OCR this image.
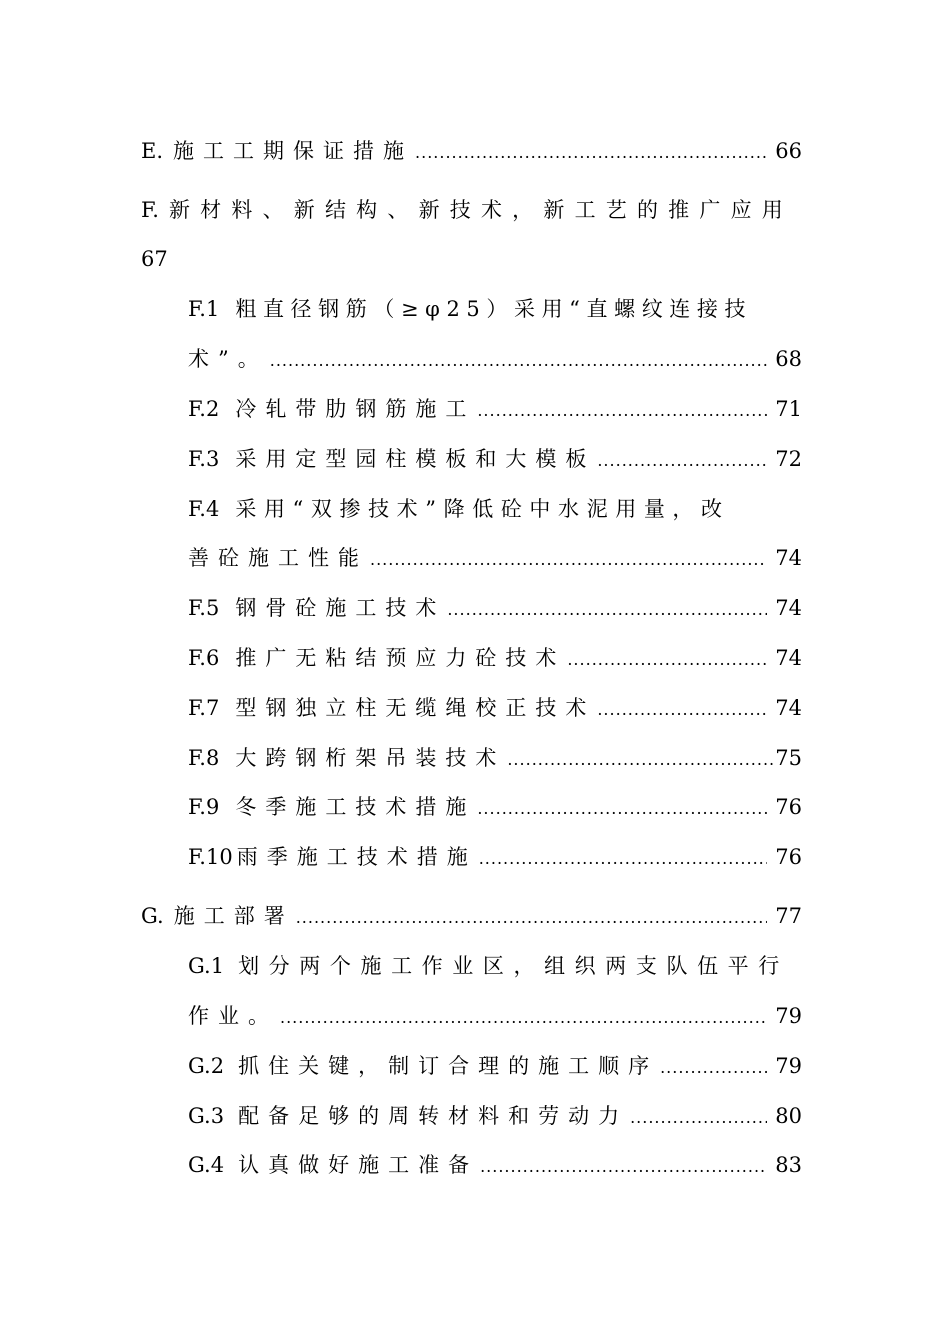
E. 施工工期保证措施 .....	66
F. 新材料、新结构、新技术，新工艺的推广应用
67
F.1 粗直径钢筋（≥φ25）采用“直螺纹连接技
术”。 .....	68
F.2 冷轧带肋钢筋施工 .....	71
F.3 采用定型园柱模板和大模板 .....	72
F.4 采用“双掺技术”降低砼中水泥用量，改
善砼施工性能 .....	74
F.5 钢骨砼施工技术 .....	74
F.6 推广无粘结预应力砼技术 .....	74
F.7 型钢独立柱无缆绳校正技术 .....	74
F.8 大跨钢桁架吊装技术 .....	75
F.9 冬季施工技术措施 .....	76
F.10 雨季施工技术措施 .....	76
G. 施工部署 .....	77
G.1 划分两个施工作业区，组织两支队伍平行
作业。 .....	79
G.2 抓住关键，制订合理的施工顺序 .....	79
G.3 配备足够的周转材料和劳动力 .....	80
G.4 认真做好施工准备 .....	83
